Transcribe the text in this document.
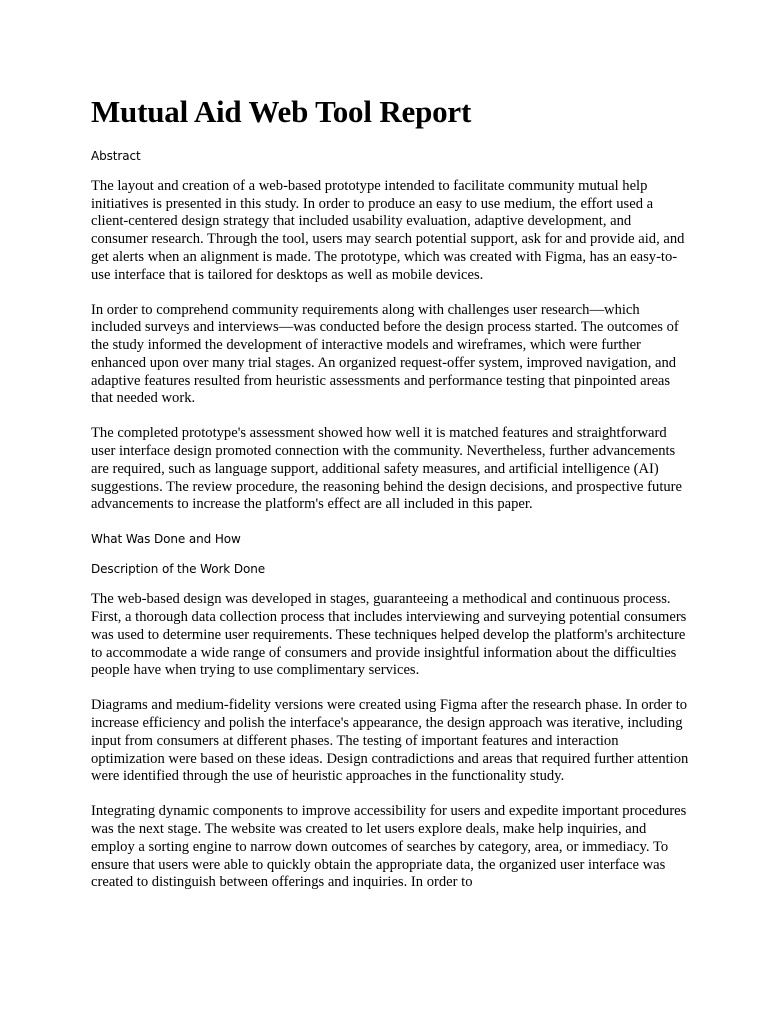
Mutual Aid Web Tool Report
Abstract

The layout and creation of a web-based prototype intended to facilitate community mutual help initiatives is presented in this study. In order to produce an easy to use medium, the effort used a client-centered design strategy that included usability evaluation, adaptive development, and consumer research. Through the tool, users may search potential support, ask for and provide aid, and get alerts when an alignment is made. The prototype, which was created with Figma, has an easy-to-use interface that is tailored for desktops as well as mobile devices.

In order to comprehend community requirements along with challenges user research—which included surveys and interviews—was conducted before the design process started. The outcomes of the study informed the development of interactive models and wireframes, which were further enhanced upon over many trial stages. An organized request-offer system, improved navigation, and adaptive features resulted from heuristic assessments and performance testing that pinpointed areas that needed work.

The completed prototype's assessment showed how well it is matched features and straightforward user interface design promoted connection with the community. Nevertheless, further advancements are required, such as language support, additional safety measures, and artificial intelligence (AI) suggestions. The review procedure, the reasoning behind the design decisions, and prospective future advancements to increase the platform's effect are all included in this paper.

What Was Done and How
Description of the Work Done

The web-based design was developed in stages, guaranteeing a methodical and continuous process. First, a thorough data collection process that includes interviewing and surveying potential consumers was used to determine user requirements. These techniques helped develop the platform's architecture to accommodate a wide range of consumers and provide insightful information about the difficulties people have when trying to use complimentary services.

Diagrams and medium-fidelity versions were created using Figma after the research phase. In order to increase efficiency and polish the interface's appearance, the design approach was iterative, including input from consumers at different phases. The testing of important features and interaction optimization were based on these ideas. Design contradictions and areas that required further attention were identified through the use of heuristic approaches in the functionality study.

Integrating dynamic components to improve accessibility for users and expedite important procedures was the next stage. The website was created to let users explore deals, make help inquiries, and employ a sorting engine to narrow down outcomes of searches by category, area, or immediacy. To ensure that users were able to quickly obtain the appropriate data, the organized user interface was created to distinguish between offerings and inquiries. In order to
